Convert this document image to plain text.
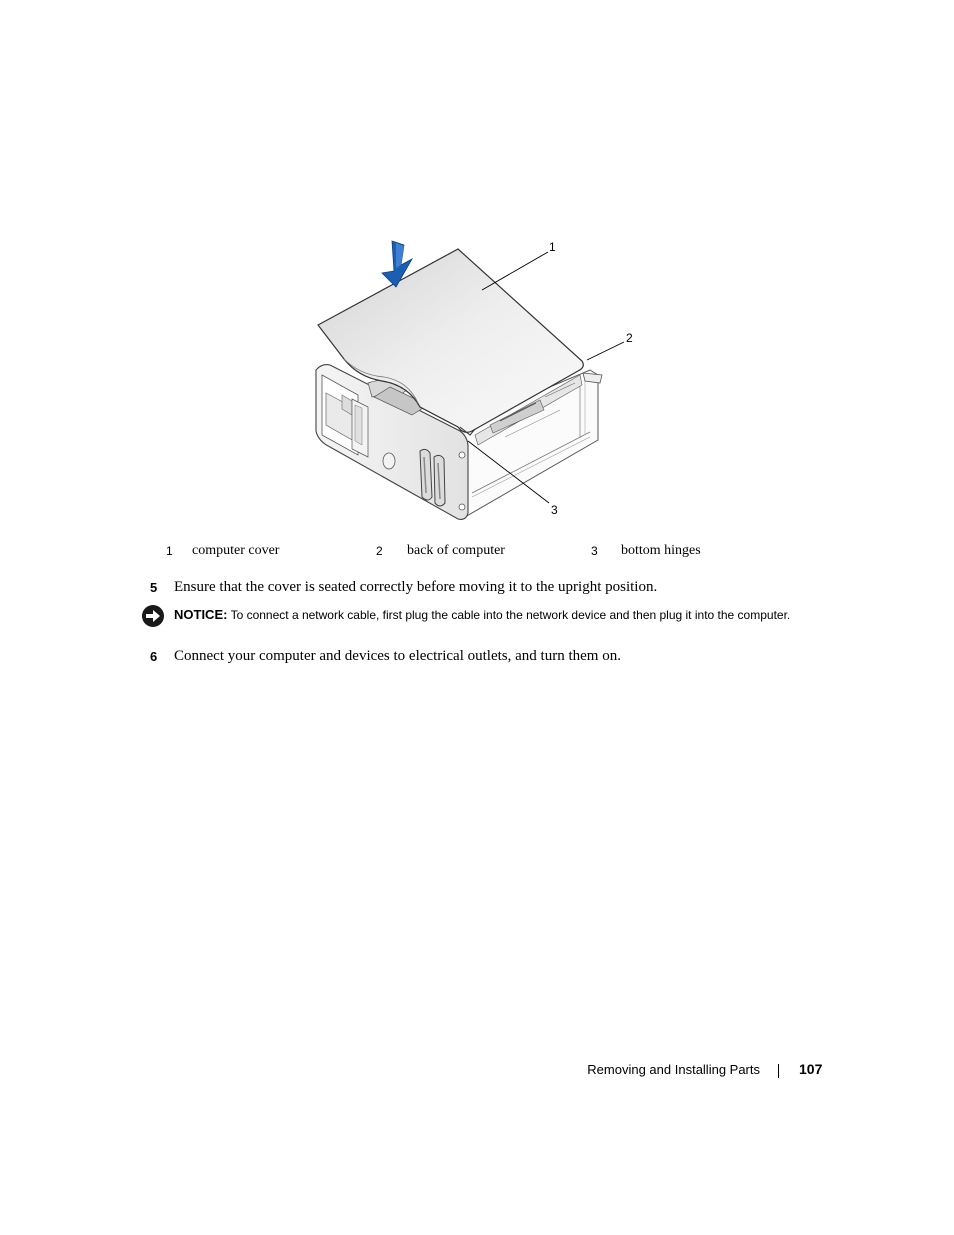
1
2
3
1 computer cover	2 back of computer	3 bottom hinges
5 Ensure that the cover is seated correctly before moving it to the upright position.
NOTICE: To connect a network cable, first plug the cable into the network device and then plug it into the computer.
6 Connect your computer and devices to electrical outlets, and turn them on.
Removing and Installing Parts	107
